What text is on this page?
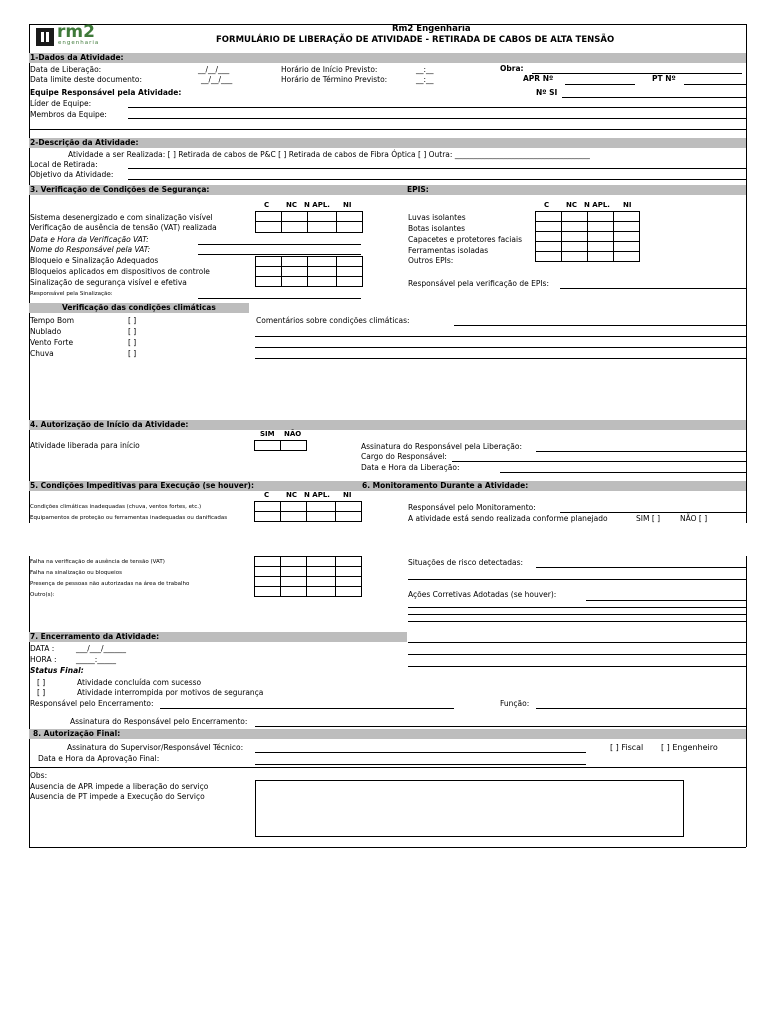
rm2
engenharia
Rm2 Engenharia
FORMULÁRIO DE LIBERAÇÃO DE ATIVIDADE - RETIRADA DE CABOS DE ALTA TENSÃO
1-Dados da Atividade:
Data de Liberação:	__/__/___
Data limite deste documento:	__/__/___
Horário de Início Previsto:	__:__
Horário de Término Previsto:	__:__
Obra:
APR Nº	PT Nº
Nº SI
Equipe Responsável pela Atividade:
Líder de Equipe:
Membros da Equipe:
2-Descrição da Atividade:
Atividade a ser Realizada: [ ] Retirada de cabos de P&C [ ] Retirada de cabos de Fibra Óptica [ ] Outra: ____________________________________
Local de Retirada:
Objetivo da Atividade:
3. Verificação de Condições de Segurança:	EPIS:
C NC N APL. NI	C NC N APL. NI
Sistema desenergizado e com sinalização visível
Verificação de ausência de tensão (VAT) realizada
Data e Hora da Verificação VAT:
Nome do Responsável pela VAT:
Bloqueio e Sinalização Adequados
Bloqueios aplicados em dispositivos de controle
Sinalização de segurança visível e efetiva
Responsável pela Sinalização:

Luvas isolantes
Botas isolantes
Capacetes e protetores faciais
Ferramentas isoladas
Outros EPIs:

Responsável pela verificação de EPIs:
Verificação das condições climáticas
Tempo Bom	[ ]
Nublado	[ ]
Vento Forte	[ ]
Chuva	[ ]
Comentários sobre condições climáticas:
4. Autorização de Início da Atividade:
SIM NÃO

Atividade liberada para início	Assinatura do Responsável pela Liberação:
Cargo do Responsável:
Data e Hora da Liberação:
5. Condições Impeditivas para Execução (se houver):	6. Monitoramento Durante a Atividade:
C NC N APL. NI
Condições climáticas inadequadas (chuva, ventos fortes, etc.)
Equipamentos de proteção ou ferramentas inadequadas ou danificadas

Responsável pelo Monitoramento:
A atividade está sendo realizada conforme planejado	SIM [ ]	NÃO [ ]
Falha na verificação de ausência de tensão (VAT)
Falha na sinalização ou bloqueios
Presença de pessoas não autorizadas na área de trabalho
Outro(s):

Situações de risco detectadas:
Ações Corretivas Adotadas (se houver):
7. Encerramento da Atividade:
DATA :	___/___/______
HORA :	_____:_____
Status Final:
[ ]	Atividade concluída com sucesso
[ ]	Atividade interrompida por motivos de segurança
Responsável pelo Encerramento:	Função:
Assinatura do Responsável pelo Encerramento:
8. Autorização Final:
Assinatura do Supervisor/Responsável Técnico:	[ ] Fiscal [ ] Engenheiro
Data e Hora da Aprovação Final:
Obs:
Ausencia de APR impede a liberação do serviço
Ausencia de PT impede a Execução do Serviço
